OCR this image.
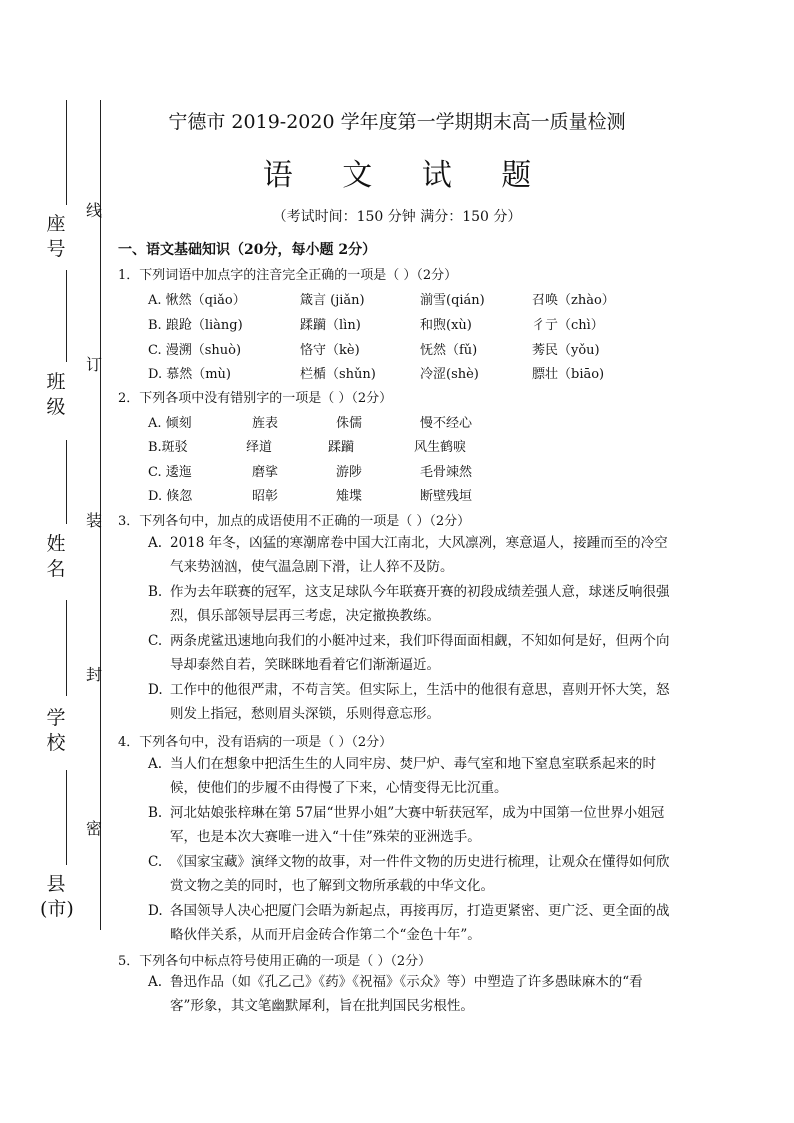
座号
班级
姓名
学校
县(市)
线
订
装
封
密
宁德市 2019-2020 学年度第一学期期末高一质量检测
语 文 试 题
（考试时间：150 分钟 满分：150 分）
一、语文基础知识（20分，每小题 2分）
1．下列词语中加点字的注音完全正确的一项是（ ）（2分）
A. 愀然（qiǎo）	箴言 (jiǎn)	湔雪(qián)	召唤（zhào）
B. 踉跄（liàng)	蹂躏（lìn)	和煦(xù)	彳亍（chì）
C. 漫溯（shuò)	恪守（kè)	怃然（fǔ)	莠民（yǒu)
D. 慕然（mù)	栏楯（shǔn)	冷涩(shè)	膘壮（biāo)
2．下列各项中没有错别字的一项是（ ）（2分）
A. 倾刻	旌表	侏儒	慢不经心
B.斑驳	绎道	蹂躏	风生鹤唳
C. 逶迤	磨挲	游陟	毛骨竦然
D. 倏忽	昭彰	雉堞	断壁残垣
3．下列各句中，加点的成语使用不正确的一项是（ ）（2分）
A. 2018 年冬，凶猛的寒潮席卷中国大江南北，大风凛冽，寒意逼人，接踵而至的冷空气来势汹汹，使气温急剧下滑，让人猝不及防。
B. 作为去年联赛的冠军，这支足球队今年联赛开赛的初段成绩差强人意，球迷反响很强烈，俱乐部领导层再三考虑，决定撤换教练。
C. 两条虎鲨迅速地向我们的小艇冲过来，我们吓得面面相觑，不知如何是好，但两个向导却泰然自若，笑眯眯地看着它们渐渐逼近。
D. 工作中的他很严肃，不苟言笑。但实际上，生活中的他很有意思，喜则开怀大笑，怒则发上指冠，愁则眉头深锁，乐则得意忘形。
4．下列各句中，没有语病的一项是（ ）（2分）
A. 当人们在想象中把活生生的人同牢房、焚尸炉、毒气室和地下窒息室联系起来的时候，使他们的步履不由得慢了下来，心情变得无比沉重。
B. 河北姑娘张梓琳在第 57届“世界小姐”大赛中斩获冠军，成为中国第一位世界小姐冠军，也是本次大赛唯一进入“十佳”殊荣的亚洲选手。
C. 《国家宝藏》演绎文物的故事，对一件件文物的历史进行梳理，让观众在懂得如何欣赏文物之美的同时，也了解到文物所承载的中华文化。
D. 各国领导人决心把厦门会晤为新起点，再接再厉，打造更紧密、更广泛、更全面的战略伙伴关系，从而开启金砖合作第二个“金色十年”。
5．下列各句中标点符号使用正确的一项是（ ）（2分）
A. 鲁迅作品（如《孔乙己》《药》《祝福》《示众》等）中塑造了许多愚昧麻木的“看客”形象，其文笔幽默犀利，旨在批判国民劣根性。
